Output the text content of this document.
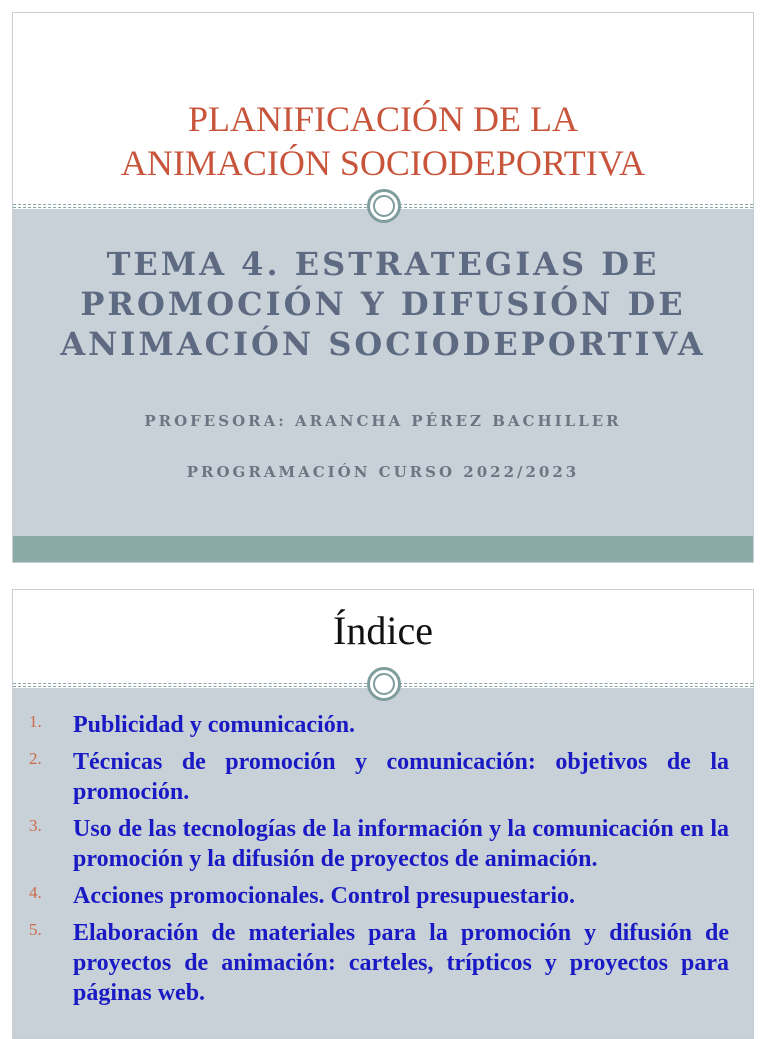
PLANIFICACIÓN DE LA
ANIMACIÓN SOCIODEPORTIVA

TEMA 4. ESTRATEGIAS DE PROMOCIÓN Y DIFUSIÓN DE ANIMACIÓN SOCIODEPORTIVA

PROFESORA: ARANCHA PÉREZ BACHILLER
PROGRAMACIÓN CURSO 2022/2023
Índice
1.	Publicidad y comunicación.
2.	Técnicas de promoción y comunicación: objetivos de la promoción.
3.	Uso de las tecnologías de la información y la comunicación en la promoción y la difusión de proyectos de animación.
4.	Acciones promocionales. Control presupuestario.
5.	Elaboración de materiales para la promoción y difusión de proyectos de animación: carteles, trípticos y proyectos para páginas web.
